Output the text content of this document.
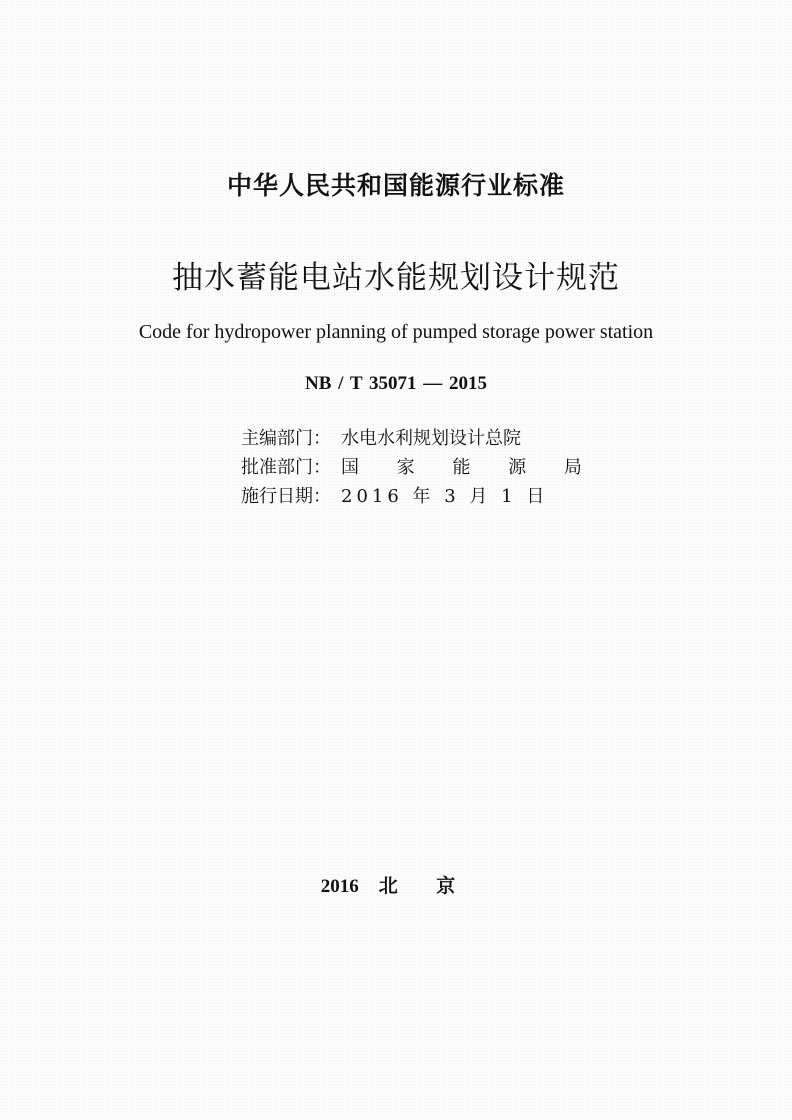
中华人民共和国能源行业标准
抽水蓄能电站水能规划设计规范
Code for hydropower planning of pumped storage power station
NB / T 35071 — 2015
主编部门： 水电水利规划设计总院
批准部门： 国 家 能 源 局
施行日期： 2016 年 3 月 1 日
2016 北 京
